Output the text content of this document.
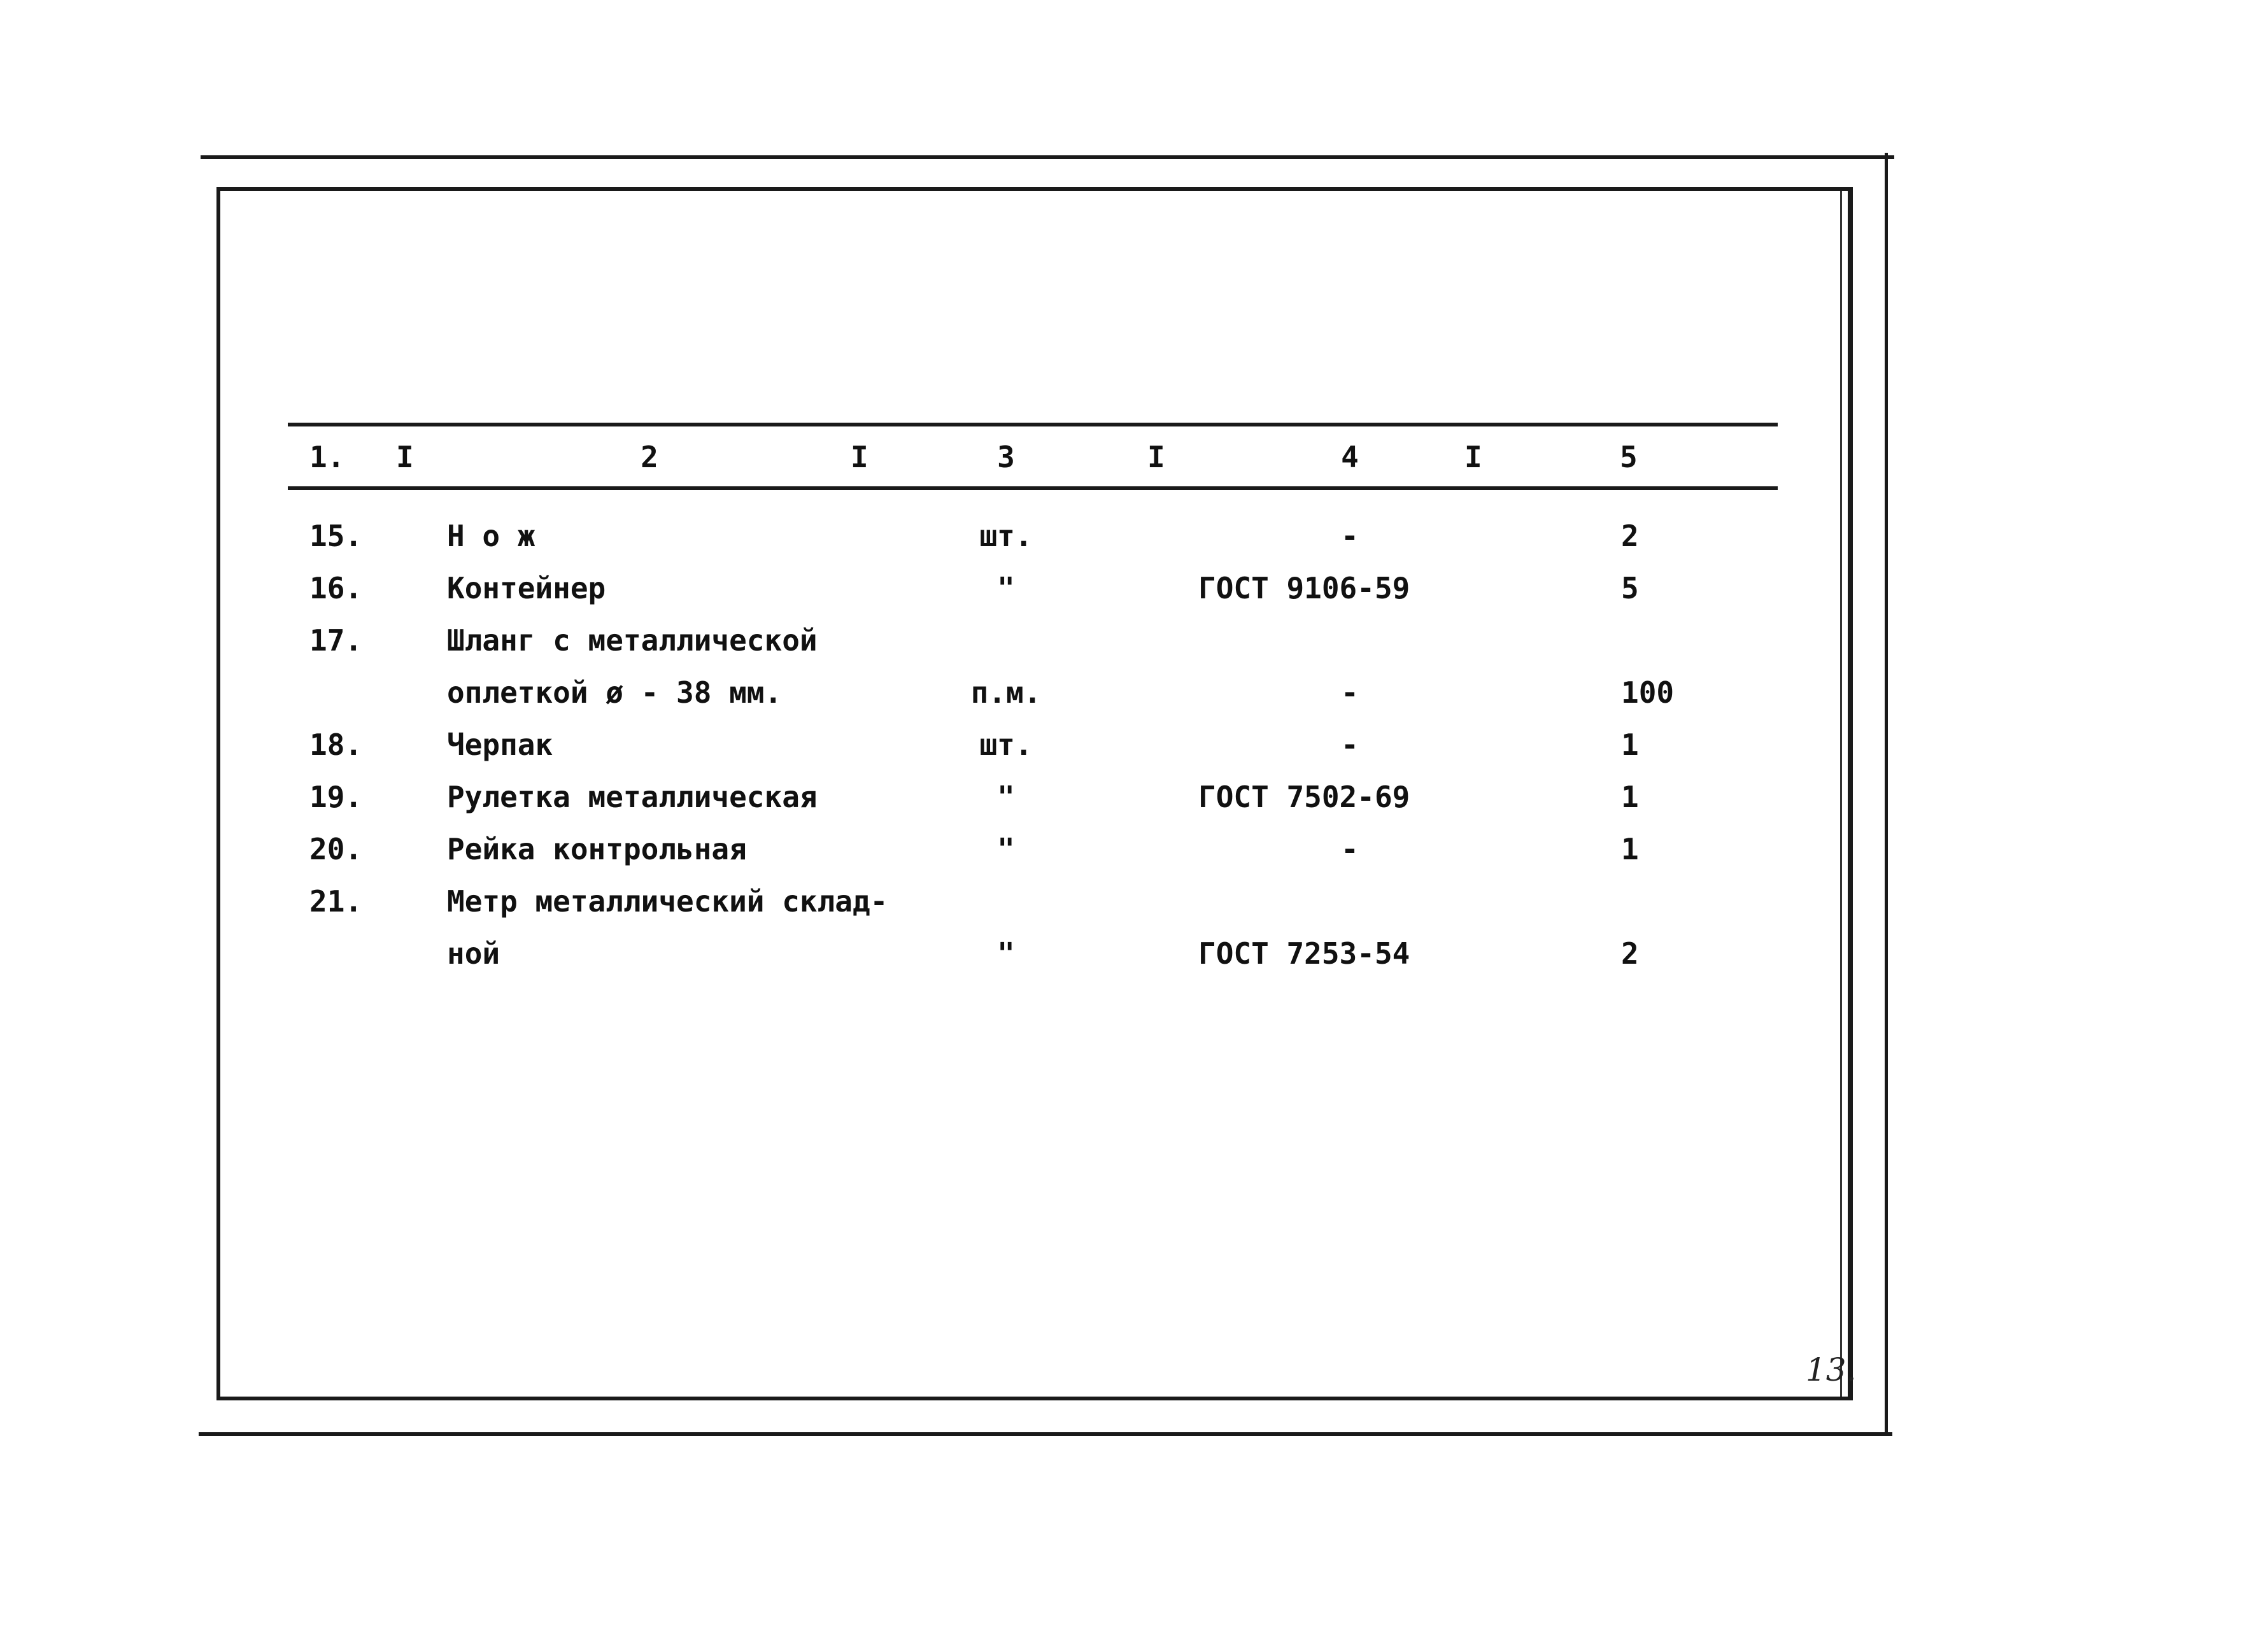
1. I	2	I	3	I	4	I	5
15.	Н о ж	шт.	-	2
16.	Контейнер	"	ГОСТ 9106-59	5
17.	Шланг с металлической
оплеткой ø - 38 мм.	п.м.	-	100
18.	Черпак	шт.	-	1
19.	Рулетка металлическая	"	ГОСТ 7502-69	1
20.	Рейка контрольная	"	-	1
21.	Метр металлический склад-
ной	"	ГОСТ 7253-54	2
13.
